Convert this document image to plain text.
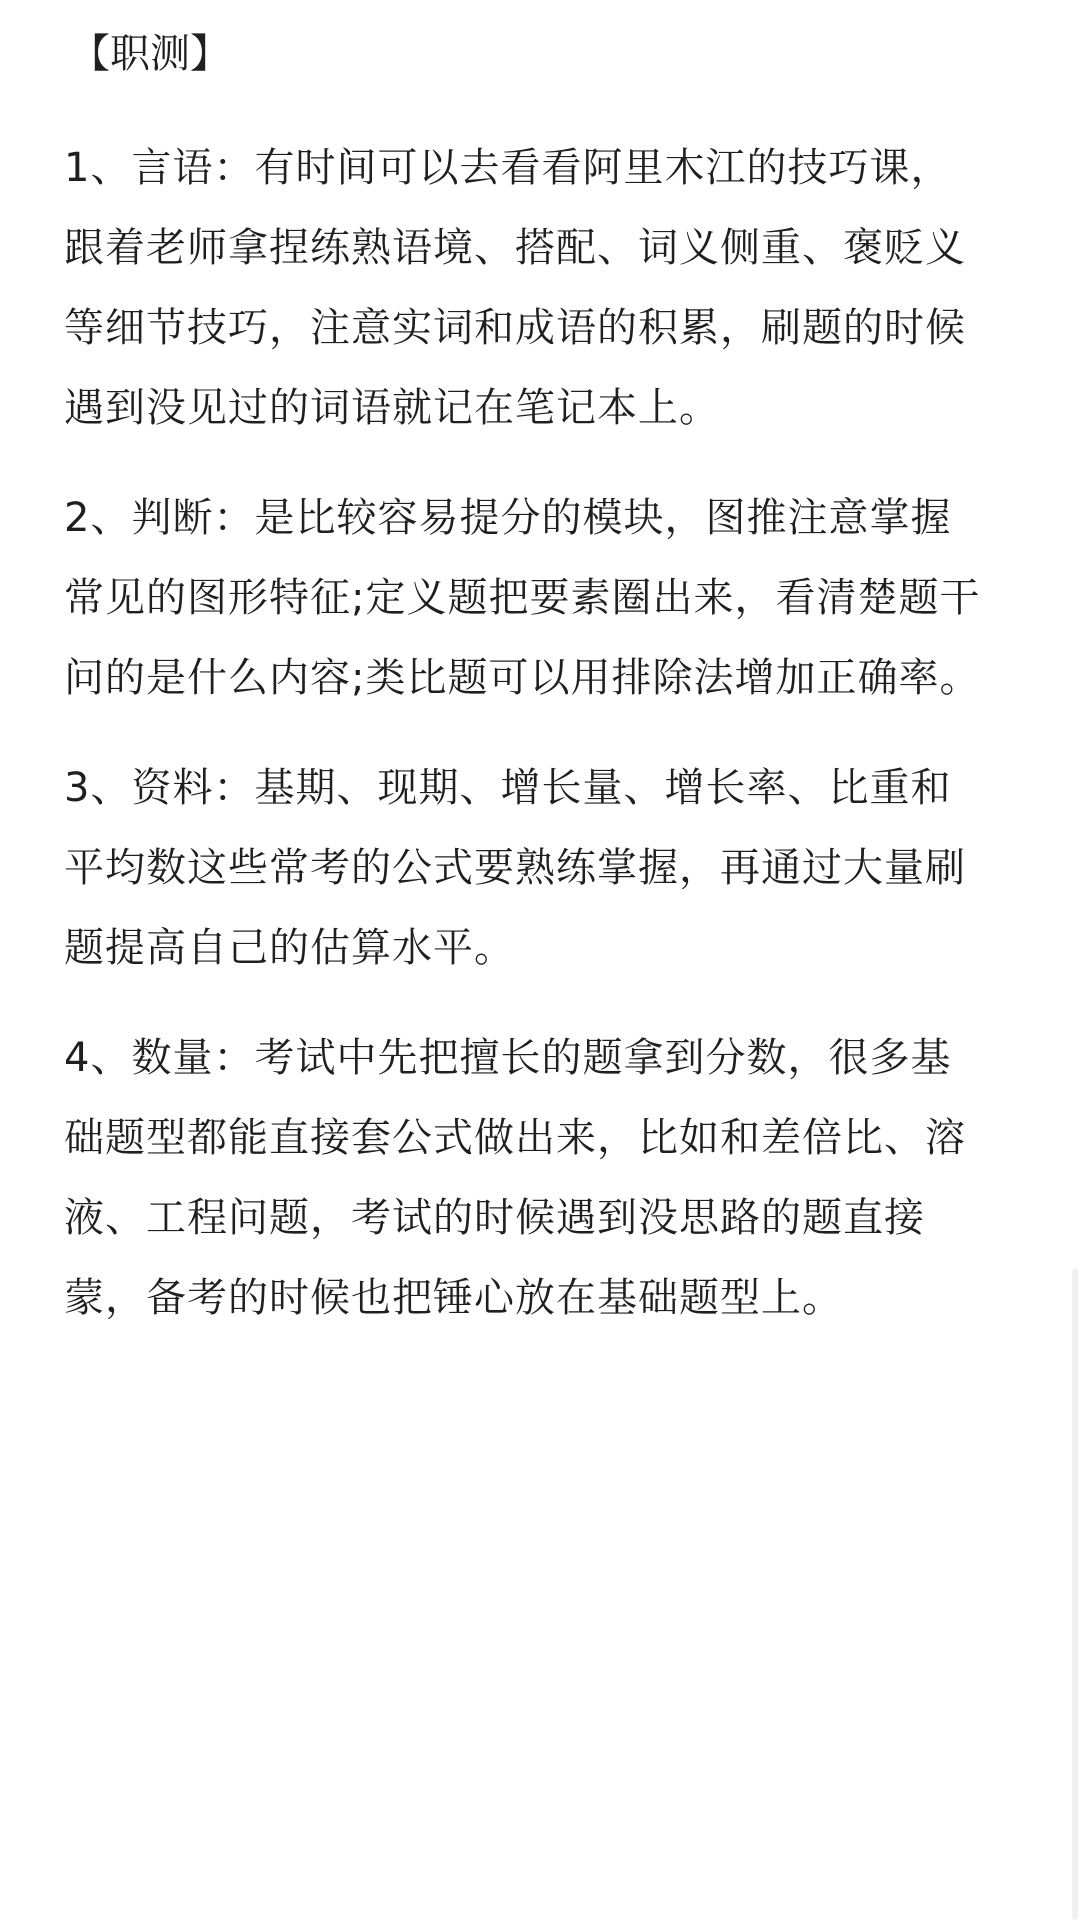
【职测】

1、言语：有时间可以去看看阿里木江的技巧课，
跟着老师拿捏练熟语境、搭配、词义侧重、褒贬义
等细节技巧，注意实词和成语的积累，刷题的时候
遇到没见过的词语就记在笔记本上。

2、判断：是比较容易提分的模块，图推注意掌握
常见的图形特征;定义题把要素圈出来，看清楚题干
问的是什么内容;类比题可以用排除法增加正确率。

3、资料：基期、现期、增长量、增长率、比重和
平均数这些常考的公式要熟练掌握，再通过大量刷
题提高自己的估算水平。

4、数量：考试中先把擅长的题拿到分数，很多基
础题型都能直接套公式做出来，比如和差倍比、溶
液、工程问题，考试的时候遇到没思路的题直接
蒙，备考的时候也把锤心放在基础题型上。
